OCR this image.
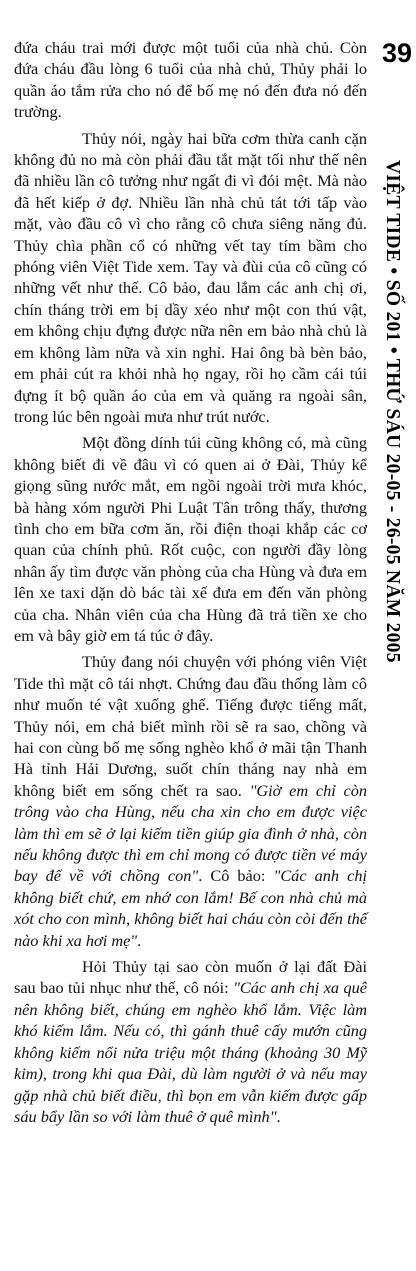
39

đứa cháu trai mới được một tuổi của nhà chủ. Còn đứa cháu đầu lòng 6 tuổi của nhà chủ, Thủy phải lo quần áo tắm rửa cho nó để bố mẹ nó đến đưa nó đến trường.

Thủy nói, ngày hai bữa cơm thừa canh cặn không đủ no mà còn phải đầu tắt mặt tối như thế nên đã nhiều lần cô tưởng như ngất đi vì đói mệt. Mà nào đã hết kiếp ở đợ. Nhiều lần nhà chủ tát tới tấp vào mặt, vào đầu cô vì cho rằng cô chưa siêng năng đủ. Thủy chìa phần cổ có những vết tay tím bầm cho phóng viên Việt Tide xem. Tay và đùi của cô cũng có những vết như thế. Cô bảo, đau lắm các anh chị ơi, chín tháng trời em bị dầy xéo như một con thú vật, em không chịu đựng được nữa nên em bảo nhà chủ là em không làm nữa và xin nghỉ. Hai ông bà bèn bảo, em phải cút ra khỏi nhà họ ngay, rồi họ cầm cái túi đựng ít bộ quần áo của em và quăng ra ngoài sân, trong lúc bên ngoài mưa như trút nước.

Một đồng dính túi cũng không có, mà cũng không biết đi về đâu vì có quen ai ở Đài, Thủy kể giọng sũng nước mắt, em ngồi ngoài trời mưa khóc, bà hàng xóm người Phi Luật Tân trông thấy, thương tình cho em bữa cơm ăn, rồi điện thoại khắp các cơ quan của chính phủ. Rốt cuộc, con người đầy lòng nhân ấy tìm được văn phòng của cha Hùng và đưa em lên xe taxi dặn dò bác tài xế đưa em đến văn phòng của cha. Nhân viên của cha Hùng đã trả tiền xe cho em và bây giờ em tá túc ở đây.

Thủy đang nói chuyện với phóng viên Việt Tide thì mặt cô tái nhợt. Chứng đau đầu thống làm cô như muốn té vật xuống ghế. Tiếng được tiếng mất, Thủy nói, em chả biết mình rồi sẽ ra sao, chồng và hai con cùng bố mẹ sống nghèo khổ ở mãi tận Thanh Hà tỉnh Hải Dương, suốt chín tháng nay nhà em không biết em sống chết ra sao. "Giờ em chỉ còn trông vào cha Hùng, nếu cha xin cho em được việc làm thì em sẽ ở lại kiếm tiền giúp gia đình ở nhà, còn nếu không được thì em chỉ mong có được tiền vé máy bay để về với chồng con". Cô bảo: "Các anh chị không biết chứ, em nhớ con lắm! Bế con nhà chủ mà xót cho con mình, không biết hai cháu còn còi đến thế nào khi xa hơi mẹ".

Hỏi Thủy tại sao còn muốn ở lại đất Đài sau bao tủi nhục như thế, cô nói: "Các anh chị xa quê nên không biết, chúng em nghèo khổ lắm. Việc làm khó kiếm lắm. Nếu có, thì gánh thuê cấy mướn cũng không kiếm nổi nửa triệu một tháng (khoảng 30 Mỹ kim), trong khi qua Đài, dù làm người ở và nếu may gặp nhà chủ biết điều, thì bọn em vẫn kiếm được gấp sáu bẩy lần so với làm thuê ở quê mình".

VIỆT TIDE • SỐ 201 • THỨ SÁU 20-05 - 26-05 NĂM 2005
